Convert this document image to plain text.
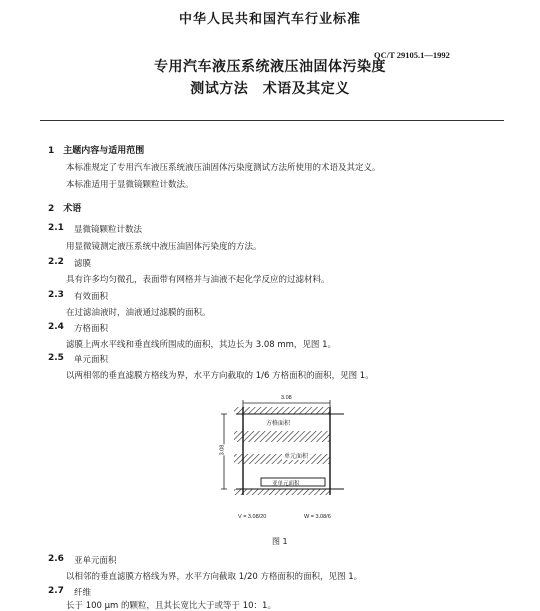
中华人民共和国汽车行业标准
QC/T 29105.1—1992
专用汽车液压系统液压油固体污染度
测试方法　术语及其定义
1　主题内容与适用范围
本标准规定了专用汽车液压系统液压油固体污染度测试方法所使用的术语及其定义。
本标准适用于显微镜颗粒计数法。
2　术语
2.1 显微镜颗粒计数法
用显微镜测定液压系统中液压油固体污染度的方法。
2.2 滤膜
具有许多均匀微孔，表面带有网格并与油液不起化学反应的过滤材料。
2.3 有效面积
在过滤油液时，油液通过滤膜的面积。
2.4 方格面积
滤膜上两水平线和垂直线所围成的面积，其边长为 3.08 mm，见图 1。
2.5 单元面积
以两相邻的垂直滤膜方格线为界，水平方向截取的 1/6 方格面积的面积，见图 1。
3.08
3.08
方格面积
单元面积
亚单元面积
V = 3.08/20	W = 3.08/6
图 1
2.6 亚单元面积
以相邻的垂直滤膜方格线为界，水平方向截取 1/20 方格面积的面积，见图 1。
2.7 纤维
长于 100 μm 的颗粒，且其长宽比大于或等于 10：1。
